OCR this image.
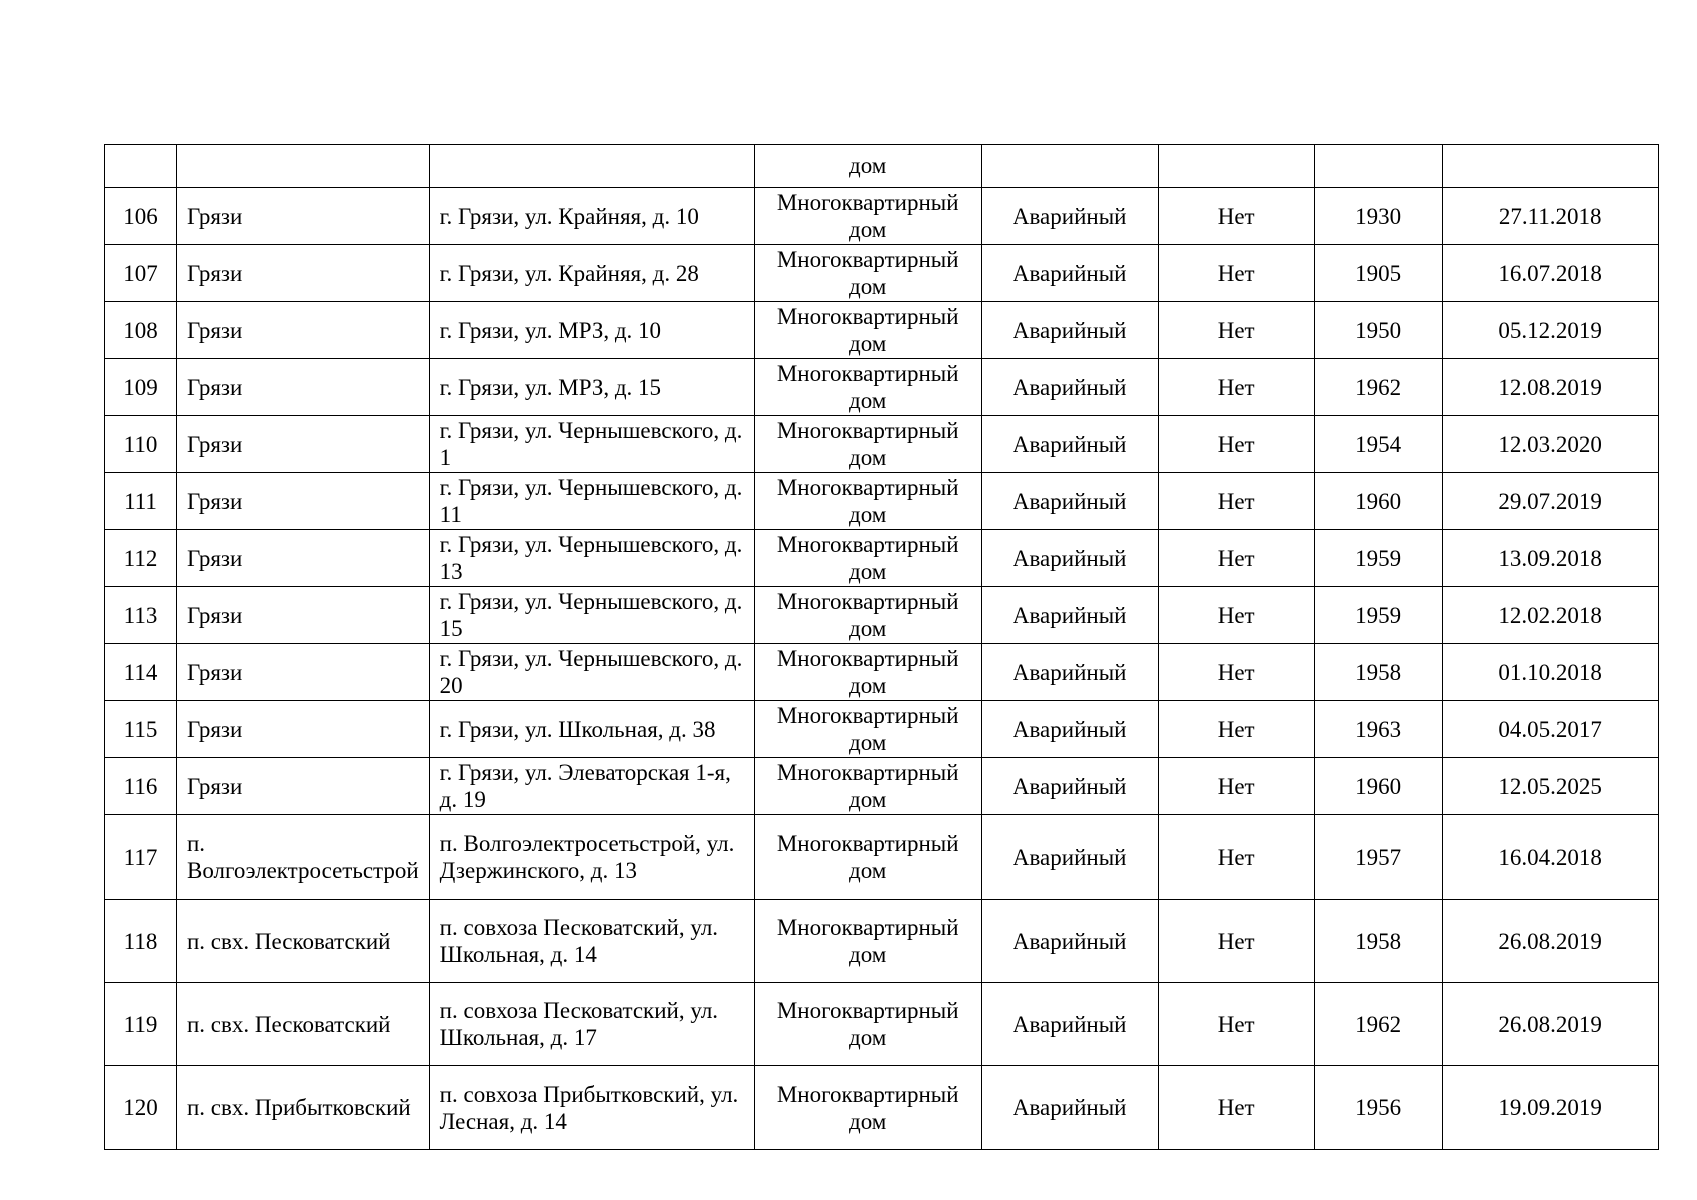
			дом				

106	Грязи	г. Грязи, ул. Крайняя, д. 10	Многоквартирный дом	Аварийный	Нет	1930	27.11.2018

107	Грязи	г. Грязи, ул. Крайняя, д. 28	Многоквартирный дом	Аварийный	Нет	1905	16.07.2018

108	Грязи	г. Грязи, ул. МРЗ, д. 10	Многоквартирный дом	Аварийный	Нет	1950	05.12.2019

109	Грязи	г. Грязи, ул. МРЗ, д. 15	Многоквартирный дом	Аварийный	Нет	1962	12.08.2019

110	Грязи	г. Грязи, ул. Чернышевского, д. 1	Многоквартирный дом	Аварийный	Нет	1954	12.03.2020

111	Грязи	г. Грязи, ул. Чернышевского, д. 11	Многоквартирный дом	Аварийный	Нет	1960	29.07.2019

112	Грязи	г. Грязи, ул. Чернышевского, д. 13	Многоквартирный дом	Аварийный	Нет	1959	13.09.2018

113	Грязи	г. Грязи, ул. Чернышевского, д. 15	Многоквартирный дом	Аварийный	Нет	1959	12.02.2018

114	Грязи	г. Грязи, ул. Чернышевского, д. 20	Многоквартирный дом	Аварийный	Нет	1958	01.10.2018

115	Грязи	г. Грязи, ул. Школьная, д. 38	Многоквартирный дом	Аварийный	Нет	1963	04.05.2017

116	Грязи	г. Грязи, ул. Элеваторская 1-я, д. 19	Многоквартирный дом	Аварийный	Нет	1960	12.05.2025

117	п. Волгоэлектросетьстрой	п. Волгоэлектросетьстрой, ул. Дзержинского, д. 13	Многоквартирный дом	Аварийный	Нет	1957	16.04.2018

118	п. свх. Песковатский	п. совхоза Песковатский, ул. Школьная, д. 14	Многоквартирный дом	Аварийный	Нет	1958	26.08.2019

119	п. свх. Песковатский	п. совхоза Песковатский, ул. Школьная, д. 17	Многоквартирный дом	Аварийный	Нет	1962	26.08.2019

120	п. свх. Прибытковский	п. совхоза Прибытковский, ул. Лесная, д. 14	Многоквартирный дом	Аварийный	Нет	1956	19.09.2019
